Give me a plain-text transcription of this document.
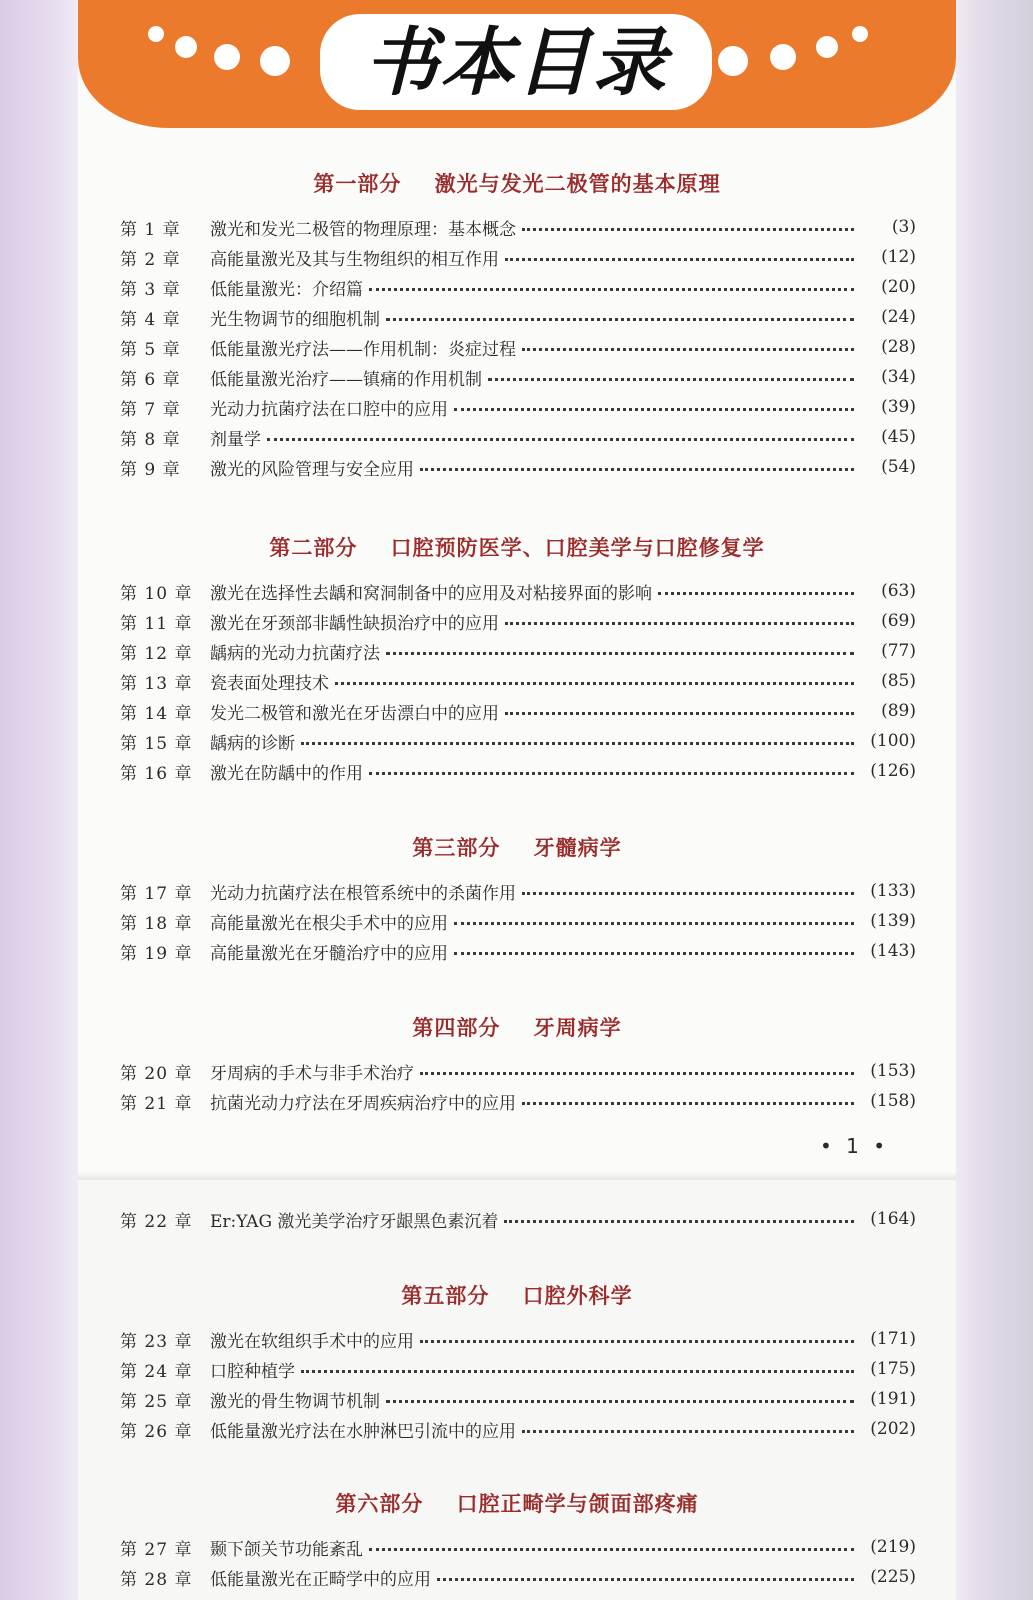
书本目录
第一部分    激光与发光二极管的基本原理
第 1 章	激光和发光二极管的物理原理：基本概念	(3)
第 2 章	高能量激光及其与生物组织的相互作用	(12)
第 3 章	低能量激光：介绍篇	(20)
第 4 章	光生物调节的细胞机制	(24)
第 5 章	低能量激光疗法——作用机制：炎症过程	(28)
第 6 章	低能量激光治疗——镇痛的作用机制	(34)
第 7 章	光动力抗菌疗法在口腔中的应用	(39)
第 8 章	剂量学	(45)
第 9 章	激光的风险管理与安全应用	(54)
第二部分    口腔预防医学、口腔美学与口腔修复学
第 10 章	激光在选择性去龋和窝洞制备中的应用及对粘接界面的影响	(63)
第 11 章	激光在牙颈部非龋性缺损治疗中的应用	(69)
第 12 章	龋病的光动力抗菌疗法	(77)
第 13 章	瓷表面处理技术	(85)
第 14 章	发光二极管和激光在牙齿漂白中的应用	(89)
第 15 章	龋病的诊断	(100)
第 16 章	激光在防龋中的作用	(126)
第三部分    牙髓病学
第 17 章	光动力抗菌疗法在根管系统中的杀菌作用	(133)
第 18 章	高能量激光在根尖手术中的应用	(139)
第 19 章	高能量激光在牙髓治疗中的应用	(143)
第四部分    牙周病学
第 20 章	牙周病的手术与非手术治疗	(153)
第 21 章	抗菌光动力疗法在牙周疾病治疗中的应用	(158)
• 1 •
第 22 章	Er:YAG 激光美学治疗牙龈黑色素沉着	(164)
第五部分    口腔外科学
第 23 章	激光在软组织手术中的应用	(171)
第 24 章	口腔种植学	(175)
第 25 章	激光的骨生物调节机制	(191)
第 26 章	低能量激光疗法在水肿淋巴引流中的应用	(202)
第六部分    口腔正畸学与颌面部疼痛
第 27 章	颞下颌关节功能紊乱	(219)
第 28 章	低能量激光在正畸学中的应用	(225)
